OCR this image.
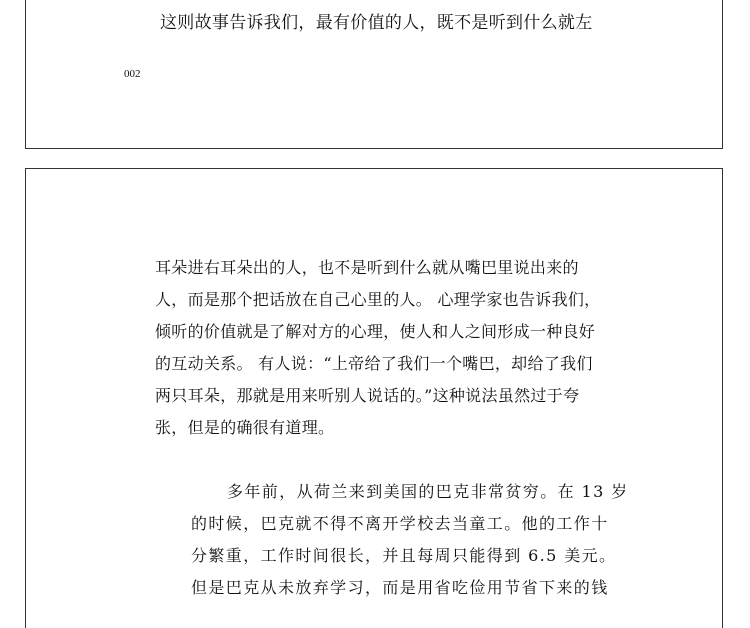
这则故事告诉我们，最有价值的人，既不是听到什么就左
002
耳朵进右耳朵出的人，也不是听到什么就从嘴巴里说出来的
人，而是那个把话放在自己心里的人。 心理学家也告诉我们，
倾听的价值就是了解对方的心理，使人和人之间形成一种良好
的互动关系。 有人说：“上帝给了我们一个嘴巴，却给了我们
两只耳朵，那就是用来听别人说话的。”这种说法虽然过于夸
张，但是的确很有道理。
多年前，从荷兰来到美国的巴克非常贫穷。在 13 岁
的时候，巴克就不得不离开学校去当童工。他的工作十
分繁重，工作时间很长，并且每周只能得到 6.5 美元。
但是巴克从未放弃学习，而是用省吃俭用节省下来的钱
